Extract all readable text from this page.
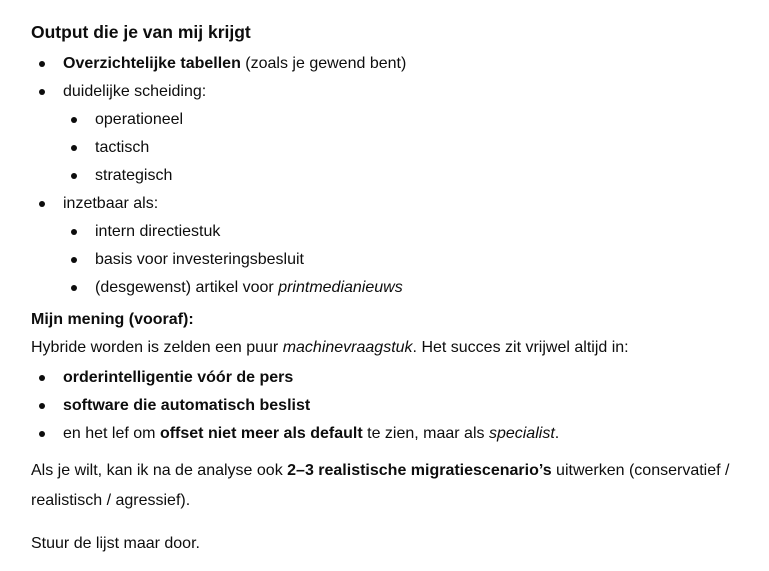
Output die je van mij krijgt
Overzichtelijke tabellen (zoals je gewend bent)
duidelijke scheiding:
operationeel
tactisch
strategisch
inzetbaar als:
intern directiestuk
basis voor investeringsbesluit
(desgewenst) artikel voor printmedianieuws
Mijn mening (vooraf):

Hybride worden is zelden een puur machinevraagstuk. Het succes zit vrijwel altijd in:

orderintelligentie vóór de pers
software die automatisch beslist
en het lef om offset niet meer als default te zien, maar als specialist.

Als je wilt, kan ik na de analyse ook 2–3 realistische migratiescenario’s uitwerken (conservatief / realistisch / agressief).

Stuur de lijst maar door.
